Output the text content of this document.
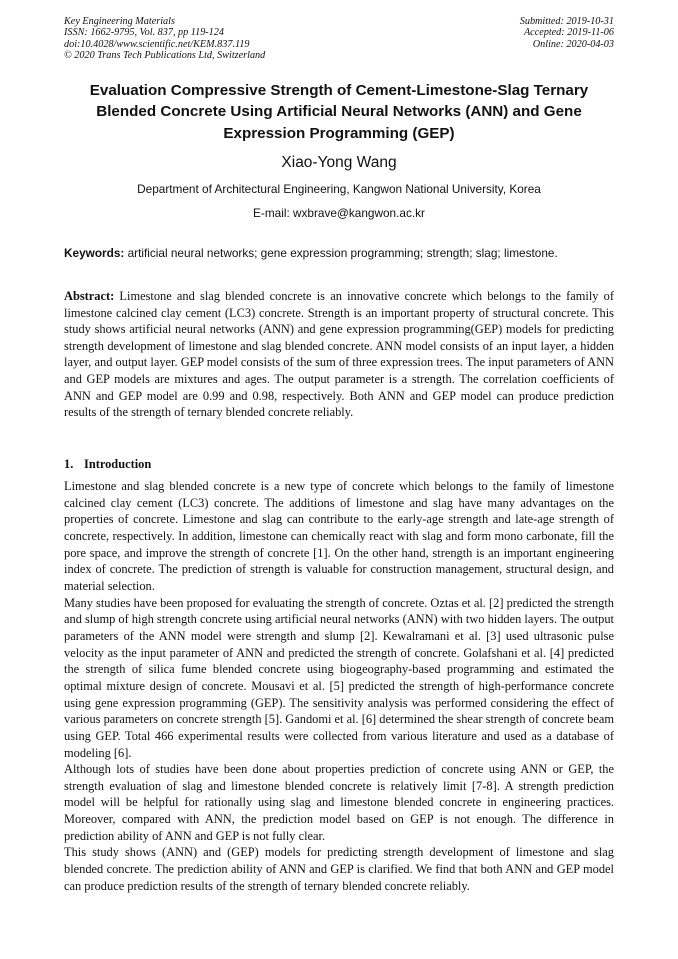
Key Engineering Materials
ISSN: 1662-9795, Vol. 837, pp 119-124
doi:10.4028/www.scientific.net/KEM.837.119
© 2020 Trans Tech Publications Ltd, Switzerland
Submitted: 2019-10-31
Accepted: 2019-11-06
Online: 2020-04-03
Evaluation Compressive Strength of Cement-Limestone-Slag Ternary Blended Concrete Using Artificial Neural Networks (ANN) and Gene Expression Programming (GEP)
Xiao-Yong Wang
Department of Architectural Engineering, Kangwon National University, Korea
E-mail: wxbrave@kangwon.ac.kr
Keywords: artificial neural networks; gene expression programming; strength; slag; limestone.

Abstract: Limestone and slag blended concrete is an innovative concrete which belongs to the family of limestone calcined clay cement (LC3) concrete. Strength is an important property of structural concrete. This study shows artificial neural networks (ANN) and gene expression programming(GEP) models for predicting strength development of limestone and slag blended concrete. ANN model consists of an input layer, a hidden layer, and output layer. GEP model consists of the sum of three expression trees. The input parameters of ANN and GEP models are mixtures and ages. The output parameter is a strength. The correlation coefficients of ANN and GEP model are 0.99 and 0.98, respectively. Both ANN and GEP model can produce prediction results of the strength of ternary blended concrete reliably.

1. Introduction

Limestone and slag blended concrete is a new type of concrete which belongs to the family of limestone calcined clay cement (LC3) concrete. The additions of limestone and slag have many advantages on the properties of concrete. Limestone and slag can contribute to the early-age strength and late-age strength of concrete, respectively. In addition, limestone can chemically react with slag and form mono carbonate, fill the pore space, and improve the strength of concrete [1]. On the other hand, strength is an important engineering index of concrete. The prediction of strength is valuable for construction management, structural design, and material selection.

Many studies have been proposed for evaluating the strength of concrete. Oztas et al. [2] predicted the strength and slump of high strength concrete using artificial neural networks (ANN) with two hidden layers. The output parameters of the ANN model were strength and slump [2]. Kewalramani et al. [3] used ultrasonic pulse velocity as the input parameter of ANN and predicted the strength of concrete. Golafshani et al. [4] predicted the strength of silica fume blended concrete using biogeography-based programming and estimated the optimal mixture design of concrete. Mousavi et al. [5] predicted the strength of high-performance concrete using gene expression programming (GEP). The sensitivity analysis was performed considering the effect of various parameters on concrete strength [5]. Gandomi et al. [6] determined the shear strength of concrete beam using GEP. Total 466 experimental results were collected from various literature and used as a database of modeling [6].

Although lots of studies have been done about properties prediction of concrete using ANN or GEP, the strength evaluation of slag and limestone blended concrete is relatively limit [7-8]. A strength prediction model will be helpful for rationally using slag and limestone blended concrete in engineering practices. Moreover, compared with ANN, the prediction model based on GEP is not enough. The difference in prediction ability of ANN and GEP is not fully clear.

This study shows (ANN) and (GEP) models for predicting strength development of limestone and slag blended concrete. The prediction ability of ANN and GEP is clarified. We find that both ANN and GEP model can produce prediction results of the strength of ternary blended concrete reliably.
